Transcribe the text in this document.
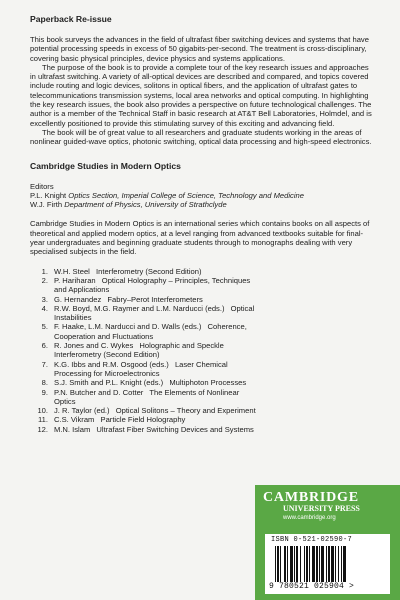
Paperback Re-issue

This book surveys the advances in the field of ultrafast fiber switching devices and systems that have potential processing speeds in excess of 50 gigabits-per-second. The treatment is cross-disciplinary, covering basic physical principles, device physics and systems applications.

The purpose of the book is to provide a complete tour of the key research issues and approaches in ultrafast switching. A variety of all-optical devices are described and compared, and topics covered include routing and logic devices, solitons in optical fibers, and the application of ultrafast gates to telecommunications transmission systems, local area networks and optical computing. In highlighting the key research issues, the book also provides a perspective on future technological challenges. The author is a member of the Technical Staff in basic research at AT&T Bell Laboratories, Holmdel, and is excellently positioned to provide this stimulating survey of this exciting and advancing field.

The book will be of great value to all researchers and graduate students working in the areas of nonlinear guided-wave optics, photonic switching, optical data processing and high-speed electronics.

Cambridge Studies in Modern Optics

Editors
P.L. Knight Optics Section, Imperial College of Science, Technology and Medicine
W.J. Firth Department of Physics, University of Strathclyde

Cambridge Studies in Modern Optics is an international series which contains books on all aspects of theoretical and applied modern optics, at a level ranging from advanced textbooks suitable for final-year undergraduates and beginning graduate students through to monographs dealing with very specialised subjects in the field.

1. W.H. Steel Interferometry (Second Edition)
2. P. Hariharan Optical Holography – Principles, Techniques and Applications
3. G. Hernandez Fabry–Perot Interferometers
4. R.W. Boyd, M.G. Raymer and L.M. Narducci (eds.) Optical Instabilities
5. F. Haake, L.M. Narducci and D. Walls (eds.) Coherence, Cooperation and Fluctuations
6. R. Jones and C. Wykes Holographic and Speckle Interferometry (Second Edition)
7. K.G. Ibbs and R.M. Osgood (eds.) Laser Chemical Processing for Microelectronics
8. S.J. Smith and P.L. Knight (eds.) Multiphoton Processes
9. P.N. Butcher and D. Cotter The Elements of Nonlinear Optics
10. J. R. Taylor (ed.) Optical Solitons – Theory and Experiment
11. C.S. Vikram Particle Field Holography
12. M.N. Islam Ultrafast Fiber Switching Devices and Systems
CAMBRIDGE
UNIVERSITY PRESS
www.cambridge.org
ISBN 0-521-02590-7
9 780521 025904 >
